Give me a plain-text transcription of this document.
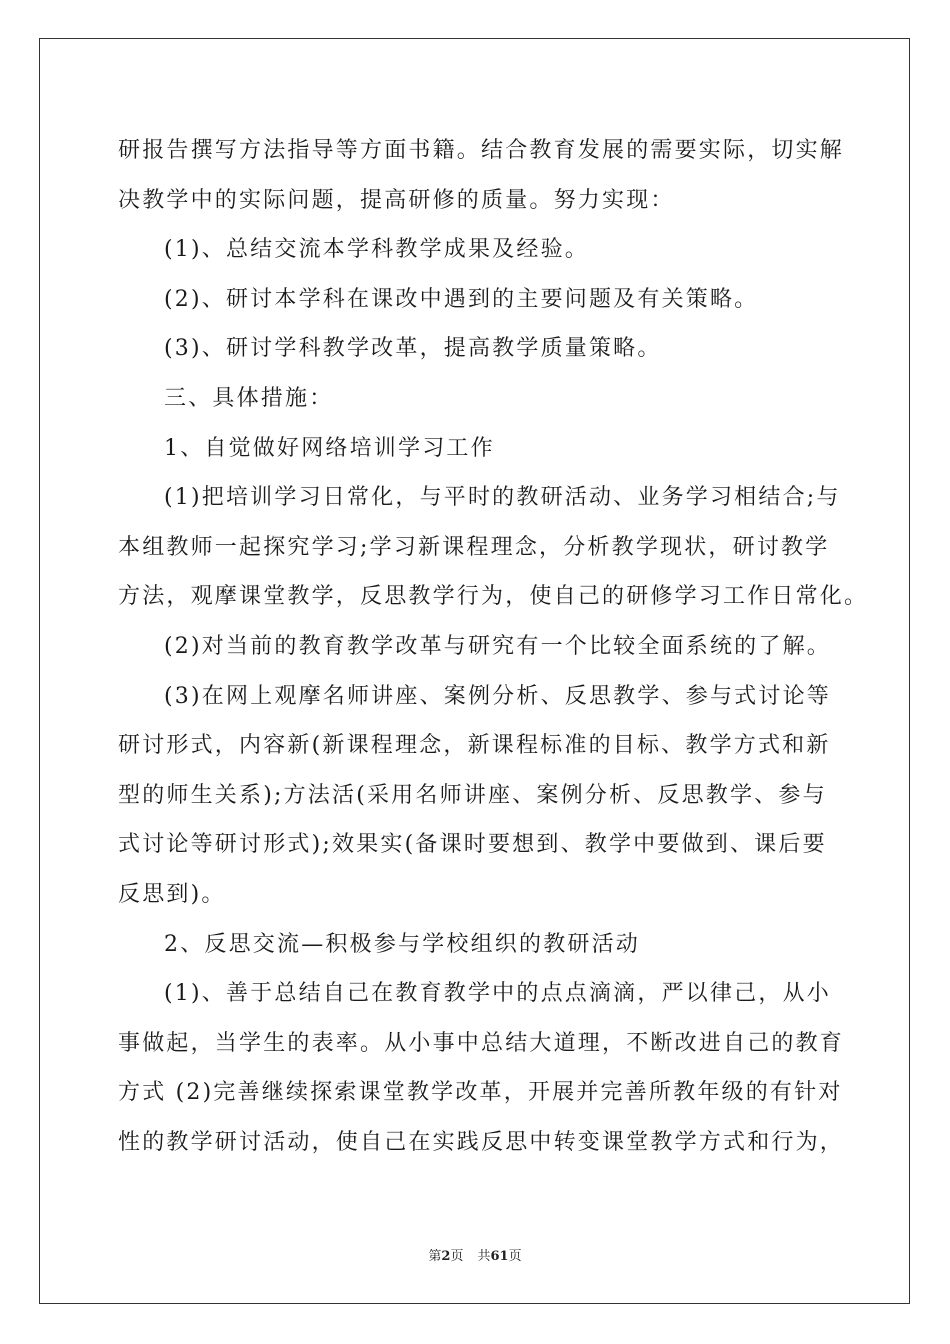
研报告撰写方法指导等方面书籍。结合教育发展的需要实际，切实解
决教学中的实际问题，提高研修的质量。努力实现：
(1)、总结交流本学科教学成果及经验。
(2)、研讨本学科在课改中遇到的主要问题及有关策略。
(3)、研讨学科教学改革，提高教学质量策略。
三、具体措施：
1、自觉做好网络培训学习工作
(1)把培训学习日常化，与平时的教研活动、业务学习相结合;与
本组教师一起探究学习;学习新课程理念，分析教学现状，研讨教学
方法，观摩课堂教学，反思教学行为，使自己的研修学习工作日常化。
(2)对当前的教育教学改革与研究有一个比较全面系统的了解。
(3)在网上观摩名师讲座、案例分析、反思教学、参与式讨论等
研讨形式，内容新(新课程理念，新课程标准的目标、教学方式和新
型的师生关系);方法活(采用名师讲座、案例分析、反思教学、参与
式讨论等研讨形式);效果实(备课时要想到、教学中要做到、课后要
反思到)。
2、反思交流—积极参与学校组织的教研活动
(1)、善于总结自己在教育教学中的点点滴滴，严以律己，从小
事做起，当学生的表率。从小事中总结大道理，不断改进自己的教育
方式 (2)完善继续探索课堂教学改革，开展并完善所教年级的有针对
性的教学研讨活动，使自己在实践反思中转变课堂教学方式和行为，
第2页 共61页
